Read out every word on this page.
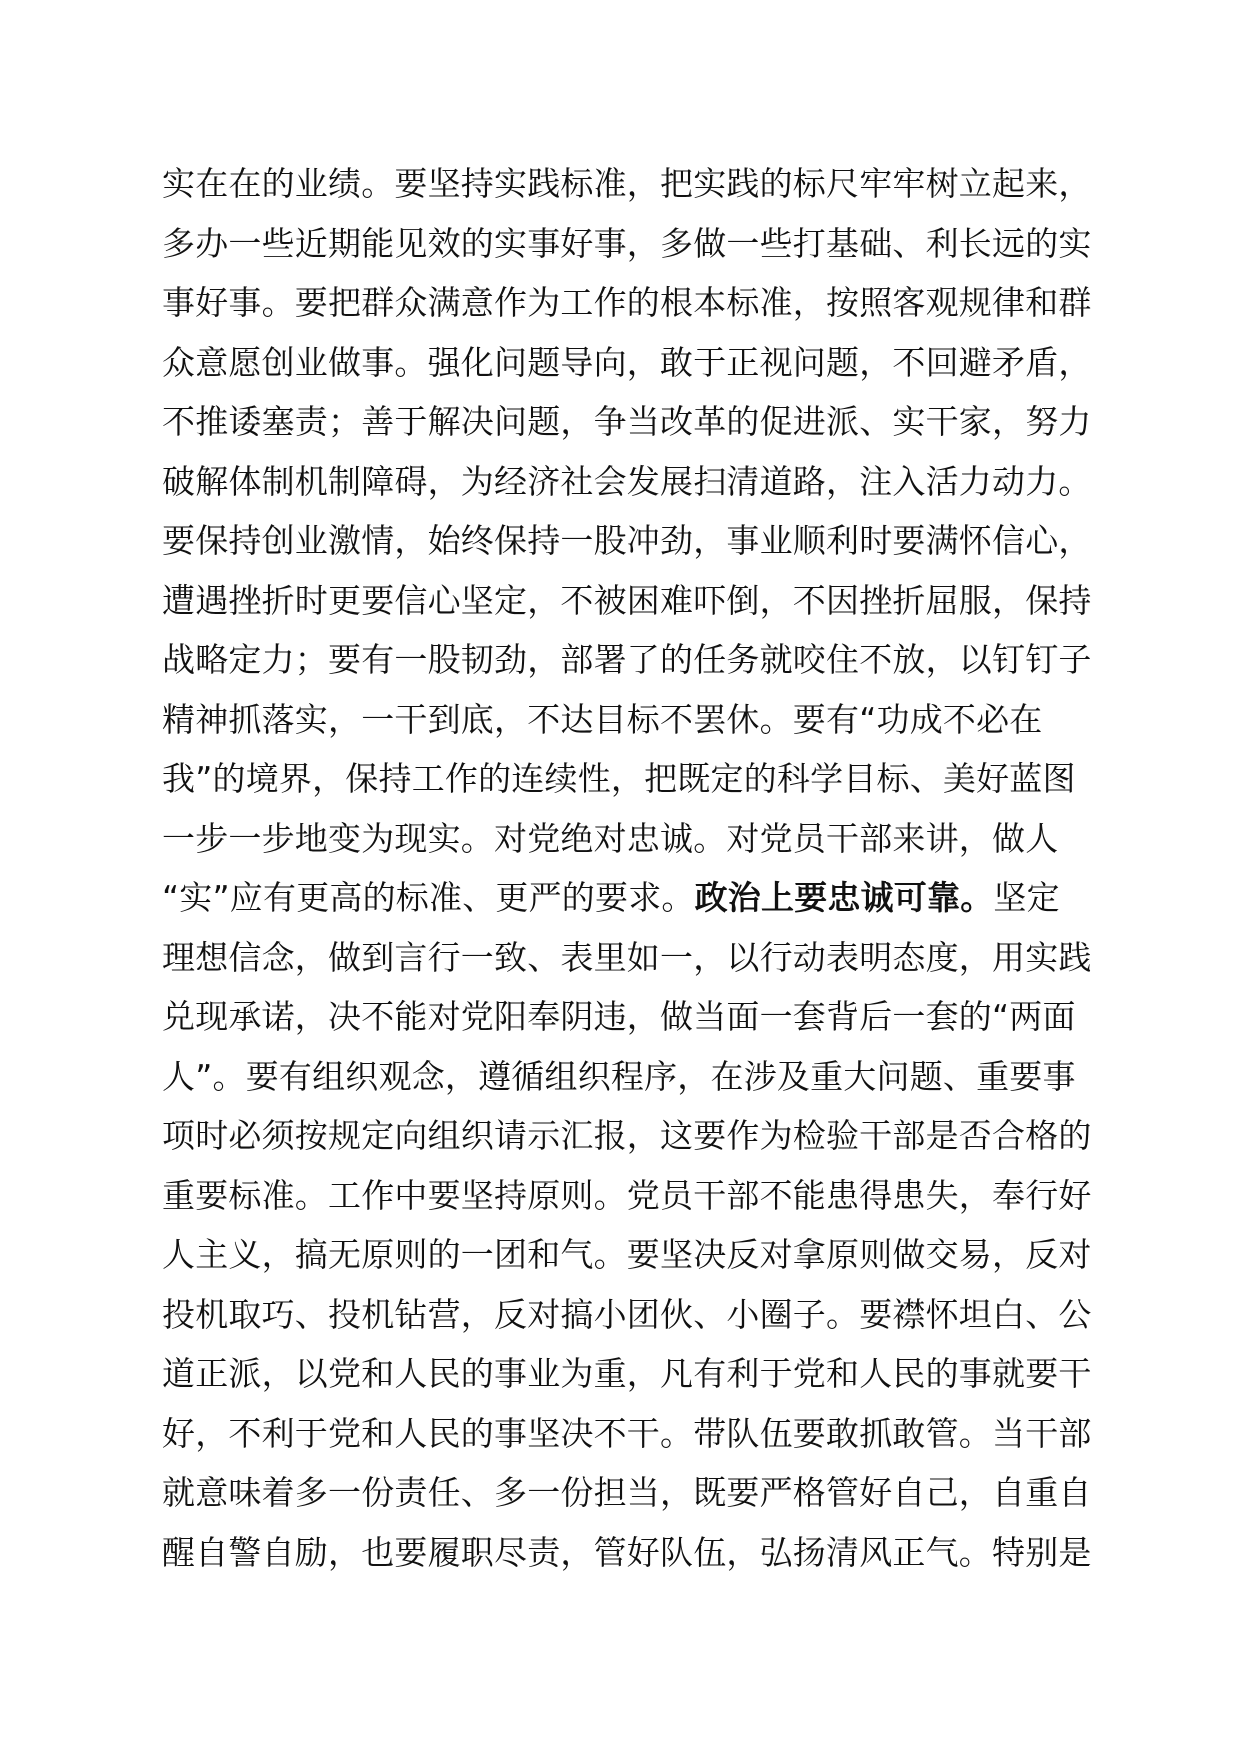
实在在的业绩。要坚持实践标准，把实践的标尺牢牢树立起来，
多办一些近期能见效的实事好事，多做一些打基础、利长远的实
事好事。要把群众满意作为工作的根本标准，按照客观规律和群
众意愿创业做事。强化问题导向，敢于正视问题，不回避矛盾，
不推诿塞责；善于解决问题，争当改革的促进派、实干家，努力
破解体制机制障碍，为经济社会发展扫清道路，注入活力动力。
要保持创业激情，始终保持一股冲劲，事业顺利时要满怀信心，
遭遇挫折时更要信心坚定，不被困难吓倒，不因挫折屈服，保持
战略定力；要有一股韧劲，部署了的任务就咬住不放，以钉钉子
精神抓落实，一干到底，不达目标不罢休。要有“功成不必在
我”的境界，保持工作的连续性，把既定的科学目标、美好蓝图
一步一步地变为现实。对党绝对忠诚。对党员干部来讲，做人
“实”应有更高的标准、更严的要求。政治上要忠诚可靠。坚定
理想信念，做到言行一致、表里如一，以行动表明态度，用实践
兑现承诺，决不能对党阳奉阴违，做当面一套背后一套的“两面
人”。要有组织观念，遵循组织程序，在涉及重大问题、重要事
项时必须按规定向组织请示汇报，这要作为检验干部是否合格的
重要标准。工作中要坚持原则。党员干部不能患得患失，奉行好
人主义，搞无原则的一团和气。要坚决反对拿原则做交易，反对
投机取巧、投机钻营，反对搞小团伙、小圈子。要襟怀坦白、公
道正派，以党和人民的事业为重，凡有利于党和人民的事就要干
好，不利于党和人民的事坚决不干。带队伍要敢抓敢管。当干部
就意味着多一份责任、多一份担当，既要严格管好自己，自重自
醒自警自励，也要履职尽责，管好队伍，弘扬清风正气。特别是
